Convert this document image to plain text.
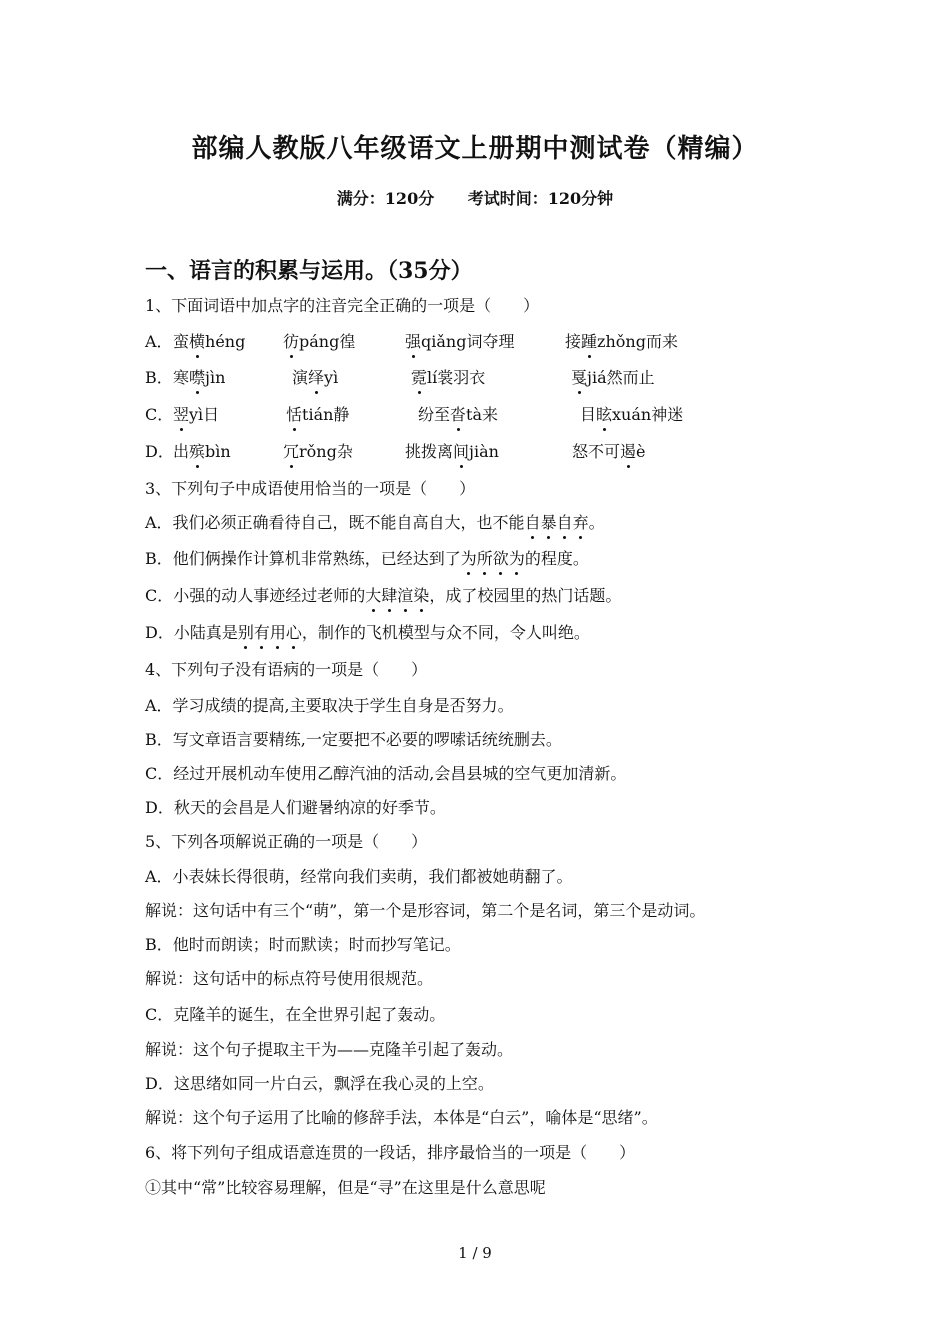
部编人教版八年级语文上册期中测试卷（精编）
满分：120分 考试时间：120分钟
一、语言的积累与运用。（35分）
1、下面词语中加点字的注音完全正确的一项是（　　）
A． 蛮横héng 彷páng徨	强qiǎng词夺理	接踵zhǒng而来
B． 寒噤jìn	演绎yì	霓lí裳羽衣	戛jiá然而止
C． 翌yì日	恬tián静	纷至沓tà来	目眩xuán神迷
D． 出殡bìn	冗rǒng杂	挑拨离间jiàn	怒不可遏è
3、下列句子中成语使用恰当的一项是（　　）
A．我们必须正确看待自己，既不能自高自大，也不能自暴自弃。
B．他们俩操作计算机非常熟练，已经达到了为所欲为的程度。
C．小强的动人事迹经过老师的大肆渲染，成了校园里的热门话题。
D．小陆真是别有用心，制作的飞机模型与众不同，令人叫绝。
4、下列句子没有语病的一项是（　　）
A．学习成绩的提高,主要取决于学生自身是否努力。
B．写文章语言要精练,一定要把不必要的啰嗦话统统删去。
C．经过开展机动车使用乙醇汽油的活动,会昌县城的空气更加清新。
D．秋天的会昌是人们避暑纳凉的好季节。
5、下列各项解说正确的一项是（　　）
A．小表妹长得很萌，经常向我们卖萌，我们都被她萌翻了。
解说：这句话中有三个“萌”，第一个是形容词，第二个是名词，第三个是动词。
B．他时而朗读；时而默读；时而抄写笔记。
解说：这句话中的标点符号使用很规范。
C．克隆羊的诞生，在全世界引起了轰动。
解说：这个句子提取主干为——克隆羊引起了轰动。
D．这思绪如同一片白云，飘浮在我心灵的上空。
解说：这个句子运用了比喻的修辞手法，本体是“白云”，喻体是“思绪”。
6、将下列句子组成语意连贯的一段话，排序最恰当的一项是（　　）
①其中“常”比较容易理解，但是“寻”在这里是什么意思呢
1 / 9
